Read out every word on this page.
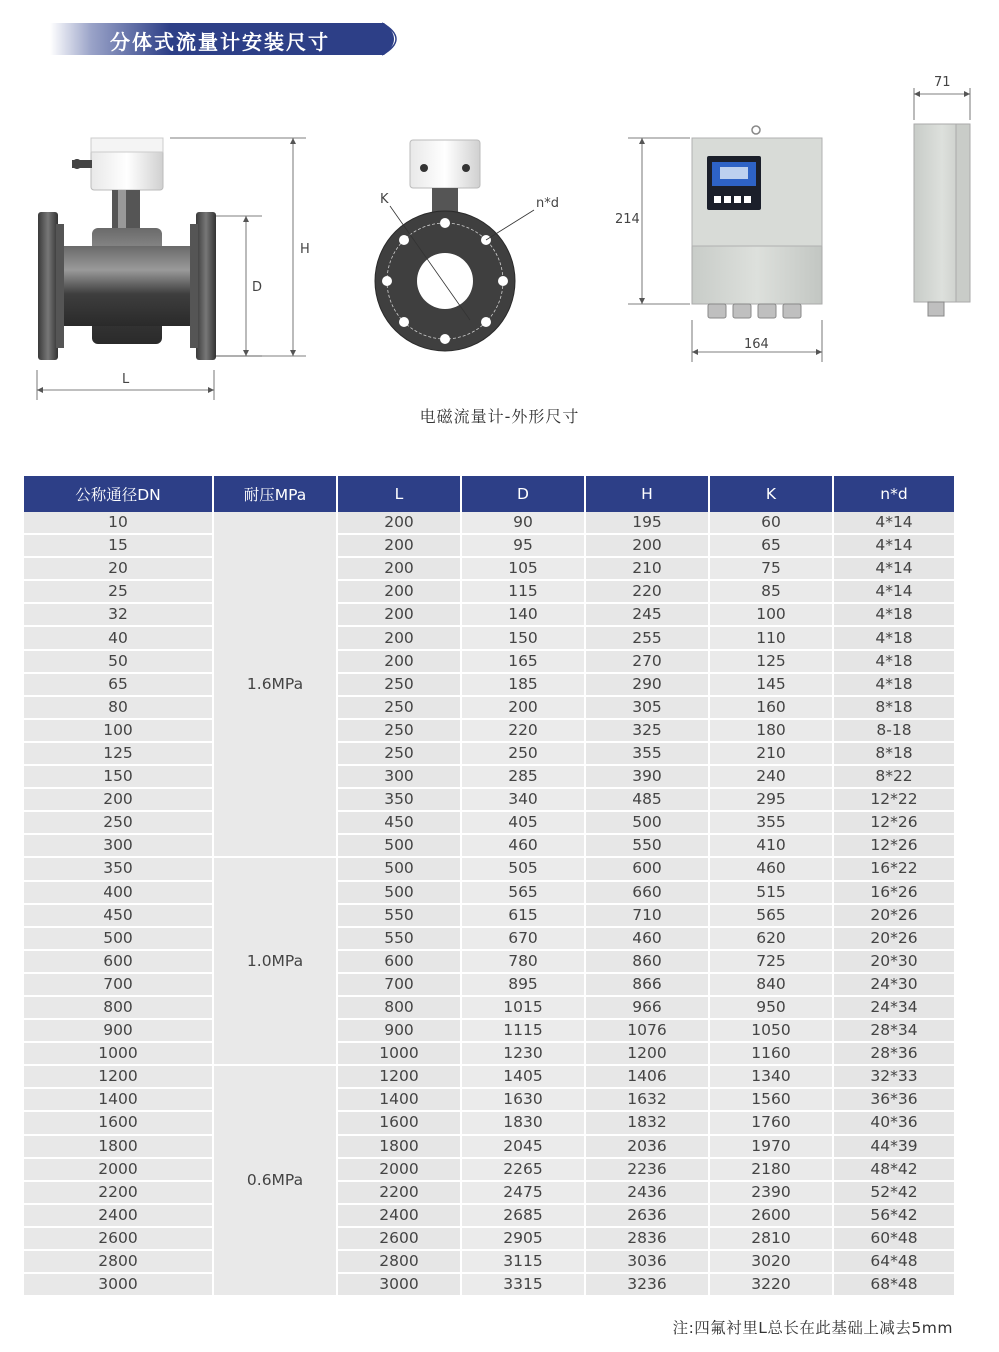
分体式流量计安装尺寸
L
D
H
K	n*d
214
164
71
电磁流量计-外形尺寸
公称通径DN	耐压MPa	L	D	H	K	n*d
10	1.6MPa	200	90	195	60	4*14
15		200	95	200	65	4*14
20		200	105	210	75	4*14
25		200	115	220	85	4*14
32		200	140	245	100	4*18
40		200	150	255	110	4*18
50		200	165	270	125	4*18
65		250	185	290	145	4*18
80		250	200	305	160	8*18
100		250	220	325	180	8-18
125		250	250	355	210	8*18
150		300	285	390	240	8*22
200		350	340	485	295	12*22
250		450	405	500	355	12*26
300		500	460	550	410	12*26
350	1.0MPa	500	505	600	460	16*22
400		500	565	660	515	16*26
450		550	615	710	565	20*26
500		550	670	460	620	20*26
600		600	780	860	725	20*30
700		700	895	866	840	24*30
800		800	1015	966	950	24*34
900		900	1115	1076	1050	28*34
1000		1000	1230	1200	1160	28*36
1200	0.6MPa	1200	1405	1406	1340	32*33
1400		1400	1630	1632	1560	36*36
1600		1600	1830	1832	1760	40*36
1800		1800	2045	2036	1970	44*39
2000		2000	2265	2236	2180	48*42
2200		2200	2475	2436	2390	52*42
2400		2400	2685	2636	2600	56*42
2600		2600	2905	2836	2810	60*48
2800		2800	3115	3036	3020	64*48
3000		3000	3315	3236	3220	68*48
注:四氟衬里L总长在此基础上减去5mm
